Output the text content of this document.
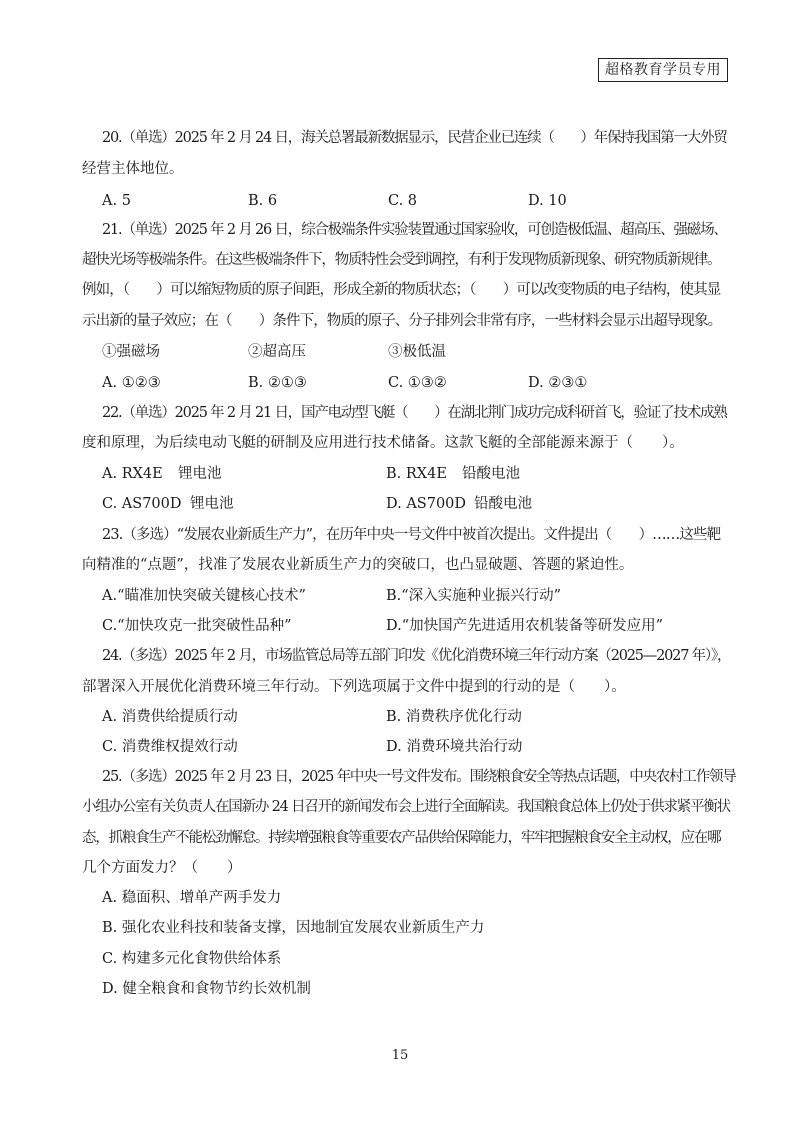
超格教育学员专用
20.（单选）2025 年 2 月 24 日，海关总署最新数据显示，民营企业已连续（　　）年保持我国第一大外贸
经营主体地位。
A. 5	B. 6	C. 8	D. 10
21.（单选）2025 年 2 月 26 日，综合极端条件实验装置通过国家验收，可创造极低温、超高压、强磁场、
超快光场等极端条件。在这些极端条件下，物质特性会受到调控，有利于发现物质新现象、研究物质新规律。
例如，（　　）可以缩短物质的原子间距，形成全新的物质状态；（　　）可以改变物质的电子结构，使其显
示出新的量子效应；在（　　）条件下，物质的原子、分子排列会非常有序，一些材料会显示出超导现象。
①强磁场	②超高压	③极低温
A. ①②③	B. ②①③	C. ①③②	D. ②③①
22.（单选）2025 年 2 月 21 日，国产电动型飞艇（　　）在湖北荆门成功完成科研首飞，验证了技术成熟
度和原理，为后续电动飞艇的研制及应用进行技术储备。这款飞艇的全部能源来源于（　　）。
A. RX4E 锂电池	B. RX4E 铅酸电池
C. AS700D 锂电池	D. AS700D 铅酸电池
23.（多选）“发展农业新质生产力”，在历年中央一号文件中被首次提出。文件提出（　　）……这些靶
向精准的“点题”，找准了发展农业新质生产力的突破口，也凸显破题、答题的紧迫性。
A.“瞄准加快突破关键核心技术”	B.“深入实施种业振兴行动”
C.“加快攻克一批突破性品种”	D.“加快国产先进适用农机装备等研发应用”
24.（多选）2025 年 2 月，市场监管总局等五部门印发《优化消费环境三年行动方案（2025—2027 年）》，
部署深入开展优化消费环境三年行动。下列选项属于文件中提到的行动的是（　　）。
A. 消费供给提质行动	B. 消费秩序优化行动
C. 消费维权提效行动	D. 消费环境共治行动
25.（多选）2025 年 2 月 23 日，2025 年中央一号文件发布。围绕粮食安全等热点话题，中央农村工作领导
小组办公室有关负责人在国新办 24 日召开的新闻发布会上进行全面解读。我国粮食总体上仍处于供求紧平衡状
态，抓粮食生产不能松劲懈怠。持续增强粮食等重要农产品供给保障能力，牢牢把握粮食安全主动权，应在哪
几个方面发力？（　　）
A. 稳面积、增单产两手发力
B. 强化农业科技和装备支撑，因地制宜发展农业新质生产力
C. 构建多元化食物供给体系
D. 健全粮食和食物节约长效机制
15
